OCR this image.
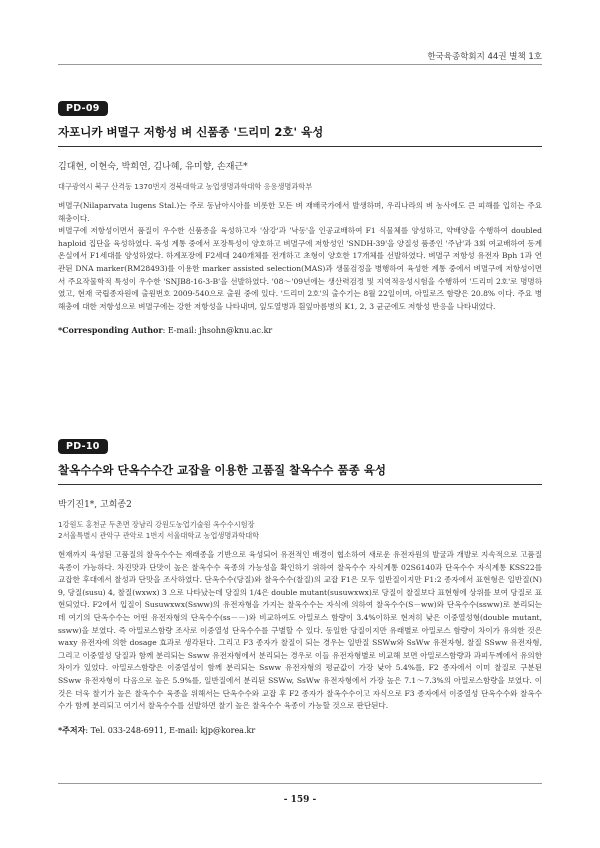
한국육종학회지 44권 별책 1호
PD-09
자포니카 벼멸구 저항성 벼 신품종 '드리미 2호' 육성
김대현, 이현숙, 박희연, 김나혜, 유미향, 손재근*
대구광역시 북구 산격동 1370번지 경북대학교 농업생명과학대학 응용생명과학부

벼멸구(Nilaparvata lugens Stal.)는 주로 동남아시아를 비롯한 모든 벼 재배국가에서 발생하며, 우리나라의 벼 농사에도 큰 피해를 입히는 주요 해충이다.

벼멸구에 저항성이면서 품질이 우수한 신품종을 육성하고자 '삼강'과 '낙동'을 인공교배하여 F1 식물체를 양성하고, 약배양을 수행하여 doubled haploid 집단을 육성하였다. 육성 계통 중에서 포장특성이 양호하고 벼멸구에 저항성인 'SNDH-39'을 양질성 품종인 '주남'과 3회 여교배하여 동계온실에서 F1세대를 양성하였다. 하계포장에 F2세대 240개체를 전개하고 초형이 양호한 17개체를 선발하였다. 벼멸구 저항성 유전자 Bph 1과 연관된 DNA marker(RM28493)를 이용한 marker assisted selection(MAS)과 생물검정을 병행하여 육성한 계통 중에서 벼멸구에 저항성이면서 주요작물학적 특성이 우수한 'SNJB8-16-3-B'을 선발하였다. '08～'09년에는 생산력검정 및 지역적응성시험을 수행하여 '드리미 2호'로 명명하였고, 현재 국립종자원에 출원번호 2009-540으로 출원 중에 있다. '드리미 2호'의 출수기는 8월 22일이며, 아밀로즈 함량은 20.8% 이다. 주요 병해충에 대한 저항성으로 벼멸구에는 강한 저항성을 나타내며, 잎도열병과 흰잎마름병의 K1, 2, 3 균군에도 저항성 반응을 나타내었다.

*Corresponding Author: E-mail: jhsohn@knu.ac.kr
PD-10
찰옥수수와 단옥수수간 교잡을 이용한 고품질 찰옥수수 품종 육성
박기진1*, 고희종2
1강원도 홍천군 두촌면 장남리 강원도농업기술원 옥수수시험장
2서울특별시 관악구 관악로 1번지 서울대학교 농업생명과학대학

현재까지 육성된 고품질의 찰옥수수는 재래종을 기반으로 육성되어 유전적인 배경이 협소하여 새로운 유전자원의 발굴과 개발로 지속적으로 고품질 육종이 가능하다. 차진맛과 단맛이 높은 찰옥수수 육종의 가능성을 확인하기 위하여 찰옥수수 자식계통 02S6140과 단옥수수 자식계통 KSS22를 교잡한 후대에서 찰성과 단맛을 조사하였다. 단옥수수(당질)와 찰옥수수(찰질)의 교잡 F1은 모두 일반질이지만 F1:2 종자에서 표현형은 일반질(N) 9, 당질(susu) 4, 찰질(wxwx) 3 으로 나타났는데 당질의 1/4은 double mutant(susuwxwx)로 당질이 찰질보다 표현형에 상위를 보여 당질로 표현되었다. F2에서 입질이 Susuwxwx(Ssww)의 유전자형을 가지는 찰옥수수는 자식에 의하여 찰옥수수(S－ww)와 단옥수수(ssww)로 분리되는데 여기의 단옥수수는 어떤 유전자형의 단옥수수(ss－－)와 비교하여도 아밀로스 함량이 3.4%이하로 현저히 낮은 이중열성형(double mutant, ssww)을 보였다. 즉 아밀로스함량 조사로 이중열성 단옥수수를 구별할 수 있다. 동일한 당질이지만 유래별로 아밀로스 함량이 차이가 유의한 것은 waxy 유전자에 의한 dosage 효과로 생각된다. 그리고 F3 종자가 찰질이 되는 경우는 일반질 SSWw와 SsWw 유전자형, 찰질 SSww 유전자형, 그리고 이중열성 당질과 함께 분리되는 Ssww 유전자형에서 분리되는 경우로 이들 유전자형별로 비교해 보면 아밀로스함량과 과피두께에서 유의한 차이가 있었다. 아밀로스함량은 이중열성이 함께 분리되는 Ssww 유전자형의 평균값이 가장 낮아 5.4%를, F2 종자에서 이미 찰질로 구분된 SSww 유전자형이 다음으로 높은 5.9%를, 일반질에서 분리된 SSWw, SsWw 유전자형에서 가장 높은 7.1～7.3%의 아밀로스함량을 보였다. 이것은 더욱 찰기가 높은 찰옥수수 육종을 위해서는 단옥수수와 교잡 후 F2 종자가 찰옥수수이고 자식으로 F3 종자에서 이중열성 단옥수수와 찰옥수수가 함께 분리되고 여기서 찰옥수수를 선발하면 찰기 높은 찰옥수수 육종이 가능할 것으로 판단된다.

*주저자: Tel. 033-248-6911, E-mail: kjp@korea.kr
- 159 -
